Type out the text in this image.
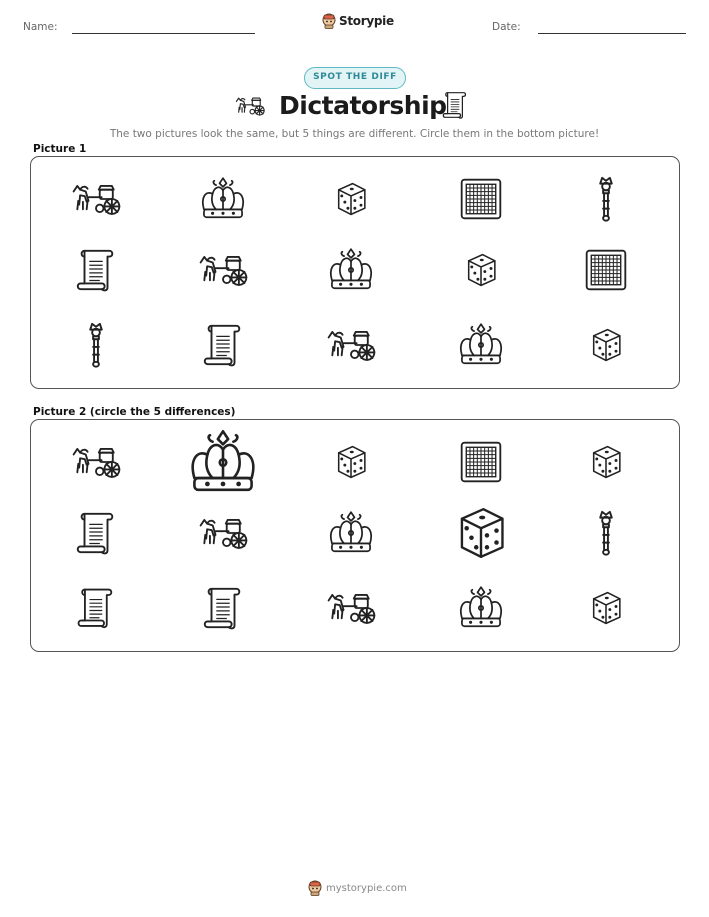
Name:	Storypie	Date:
SPOT THE DIFF
Dictatorship
The two pictures look the same, but 5 things are different. Circle them in the bottom picture!
Picture 1
Picture 2 (circle the 5 differences)
mystorypie.com
